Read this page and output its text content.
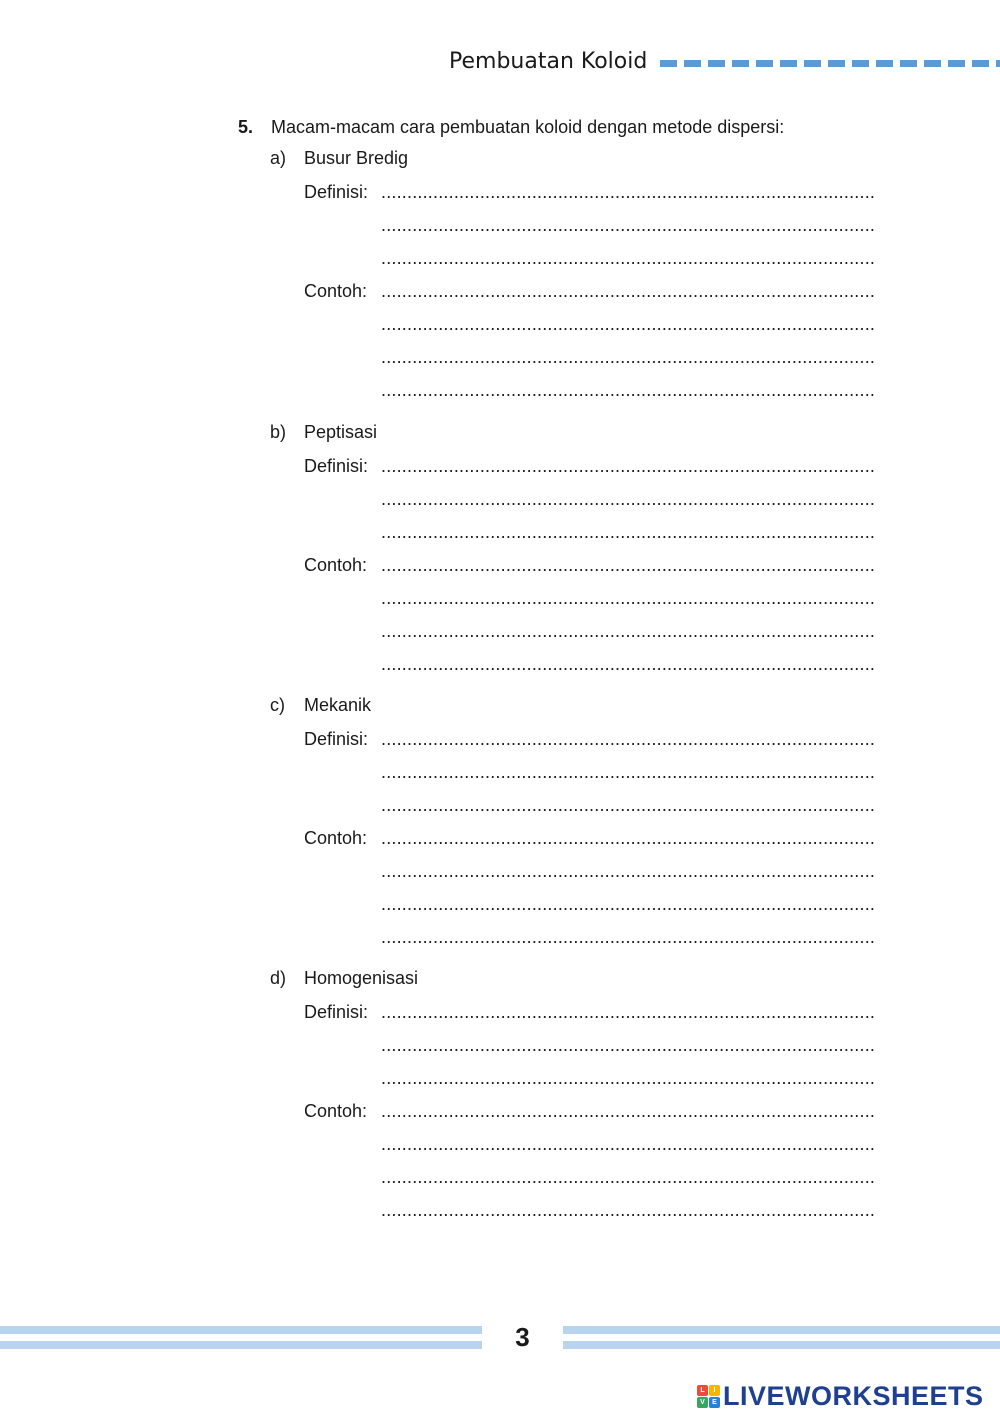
Pembuatan Koloid
5. Macam-macam cara pembuatan koloid dengan metode dispersi:
a) Busur Bredig
Definisi: ...............................................................................................
...............................................................................................
...............................................................................................
Contoh: ...............................................................................................
...............................................................................................
...............................................................................................
...............................................................................................
b) Peptisasi
Definisi: ...............................................................................................
...............................................................................................
...............................................................................................
Contoh: ...............................................................................................
...............................................................................................
...............................................................................................
...............................................................................................
c) Mekanik
Definisi: ...............................................................................................
...............................................................................................
...............................................................................................
Contoh: ...............................................................................................
...............................................................................................
...............................................................................................
...............................................................................................
d) Homogenisasi
Definisi: ...............................................................................................
...............................................................................................
...............................................................................................
Contoh: ...............................................................................................
...............................................................................................
...............................................................................................
...............................................................................................
3
L	I
V	E LIVEWORKSHEETS
